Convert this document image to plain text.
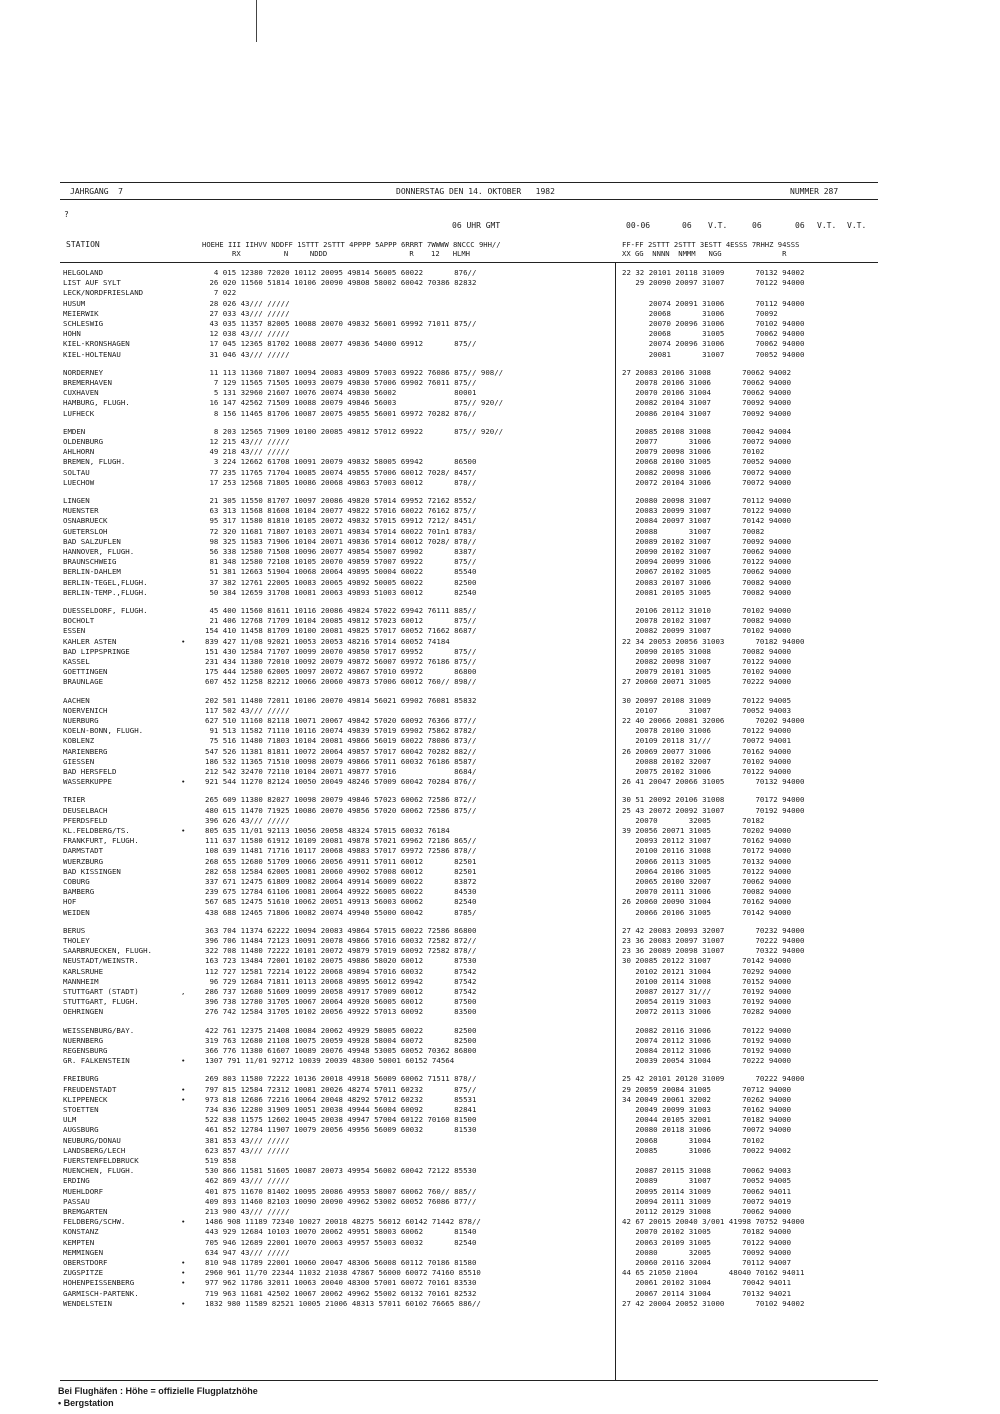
JAHRGANG  7	DONNERSTAG DEN 14. OKTOBER   1982	NUMMER 287
?
06 UHR GMT	00-06	06 V.T.	06	06 V.T. V.T.
STATION	HOEHE III IIHVV NDDFF 1STTT 2STTT 4PPPP 5APPP 6RRRT 7WWWW 8NCCC 9HH//
RX          N     NDDD                   R    12   HLMH
FF-FF 2STTT 2STTT 3ESTT 4ESSS 7RHHZ 94SSS
XX GG  NNNN  NMMM   NGG              R
HELGOLAND	4 015 12380 72020 10112 20095 49814 56005 60022       876//	22 32 20101 20118 31009       70132 94002
LIST AUF SYLT	26 020 11560 51814 10106 20090 49808 58002 60042 70386 82832	29 20090 20097 31007       70122 94000
LECK/NORDFRIESLAND	7 022
HUSUM	28 026 43/// /////	20074 20091 31006       70112 94000
MEIERWIK	27 033 43/// /////	20068       31006       70092
SCHLESWIG	43 035 11357 82005 10088 20070 49832 56001 69992 71011 875//	20070 20096 31006       70102 94000
HOHN	12 038 43/// /////	20068       31005       70062 94000
KIEL-KRONSHAGEN	17 045 12365 81702 10088 20077 49836 54000 69912       875//	20074 20096 31006       70062 94000
KIEL-HOLTENAU	31 046 43/// /////	20081       31007       70052 94000
NORDERNEY	11 113 11360 71807 10094 20083 49809 57003 69922 76086 875// 908//	27 20083 20106 31008       70062 94002
BREMERHAVEN	7 129 11565 71505 10093 20079 49830 57006 69902 76011 875//	20078 20106 31006       70062 94000
CUXHAVEN	5 131 32960 21607 10076 20074 49830 56002             80001	20070 20106 31004       70062 94000
HAMBURG, FLUGH.	16 147 42562 71509 10088 20079 49846 56003             875// 920//	20082 20104 31007       70092 94000
LUFHECK	8 156 11465 81706 10087 20075 49855 56001 69972 70282 876//	20086 20104 31007       70092 94000
EMDEN	8 203 12565 71909 10100 20085 49812 57012 69922       875// 920//	20085 20108 31008       70042 94004
OLDENBURG	12 215 43/// /////	20077       31006       70072 94000
AHLHORN	49 218 43/// /////	20079 20098 31006       70102
BREMEN, FLUGH.	3 224 12662 61708 10091 20079 49832 58005 69942       86500	20068 20100 31005       70052 94000
SOLTAU	77 235 11765 71704 10085 20074 49855 57006 60012 7028/ 8457/	20082 20098 31006       70072 94000
LUECHOW	17 253 12568 71805 10086 20068 49863 57003 60012       878//	20072 20104 31006       70072 94000
LINGEN	21 305 11550 81707 10097 20086 49820 57014 69952 72162 8552/	20080 20098 31007       70112 94000
MUENSTER	63 313 11568 81608 10104 20077 49822 57016 60022 76162 875//	20083 20099 31007       70122 94000
OSNABRUECK	95 317 11580 81810 10105 20072 49832 57015 69912 7212/ 8451/	20084 20097 31007       70142 94000
GUETERSLOH	72 320 11681 71807 10103 20071 49834 57014 60022 701n1 8783/	20088       31007       70082
BAD SALZUFLEN	98 325 11583 71906 10104 20071 49836 57014 60012 7028/ 878//	20089 20102 31007       70092 94000
HANNOVER, FLUGH.	56 338 12580 71508 10096 20077 49854 55007 69902       8387/	20090 20102 31007       70062 94000
BRAUNSCHWEIG	81 348 12580 72108 10105 20070 49859 57007 69922       875//	20094 20099 31006       70122 94000
BERLIN-DAHLEM	51 381 12663 51904 10068 20064 49895 50004 60022       85540	20067 20102 31005       70062 94000
BERLIN-TEGEL,FLUGH.	37 382 12761 22005 10083 20065 49892 50005 60022       82500	20083 20107 31006       70082 94000
BERLIN-TEMP.,FLUGH.	50 384 12659 31708 10081 20063 49893 51003 60012       82540	20081 20105 31005       70082 94000
DUESSELDORF, FLUGH.	45 400 11560 81611 10116 20086 49824 57022 69942 76111 885//	20106 20112 31010       70102 94000
BOCHOLT	21 406 12768 71709 10104 20085 49812 57023 60012       875//	20078 20102 31007       70082 94000
ESSEN	154 410 11458 81709 10100 20081 49825 57017 60052 71662 8687/	20082 20099 31007       70102 94000
KAHLER ASTEN	•	839 427 11/08 92021 10053 20053 48216 57014 60052 74184	22 34 20053 20056 31003       70182 94000
BAD LIPPSPRINGE	151 430 12584 71707 10099 20070 49850 57017 69952       875//	20090 20105 31008       70082 94000
KASSEL	231 434 11380 72010 10092 20079 49872 56007 69972 76186 875//	20082 20098 31007       70122 94000
GOETTINGEN	175 444 12580 62005 10097 20072 49867 57010 69972       86800	20079 20101 31005       70102 94000
BRAUNLAGE	607 452 11258 82212 10066 20060 49873 57006 60012 760// 898//	27 20060 20071 31005       70222 94000
AACHEN	202 501 11480 72011 10106 20070 49814 56021 69902 76081 85832	30 20097 20108 31009       70122 94005
NOERVENICH	117 502 43/// /////	20107       31007       70052 94003
NUERBURG	627 510 11160 82118 10071 20067 49842 57020 60092 76366 877//	22 40 20066 20081 32006       70202 94000
KOELN-BONN, FLUGH.	91 513 11582 71110 10116 20074 49839 57019 69902 75862 8782/	20078 20100 31006       70122 94000
KOBLENZ	75 516 11480 71803 10104 20081 49866 56019 60022 78086 873//	20109 20118 31///       70072 94001
MARIENBERG	547 526 11381 81811 10072 20064 49857 57017 60042 70282 882//	26 20069 20077 31006       70162 94000
GIESSEN	186 532 11365 71510 10098 20079 49866 57011 60032 76186 8587/	20088 20102 32007       70102 94000
BAD HERSFELD	212 542 32470 72110 10104 20071 49877 57016             8684/	20075 20102 31006       70122 94000
WASSERKUPPE	•	921 544 11270 82124 10050 20049 48246 57009 60042 70284 876//	26 41 20047 20066 31005       70132 94000
TRIER	265 609 11380 82027 10098 20079 49846 57023 60062 72586 872//	30 51 20092 20106 31008       70172 94000
DEUSELBACH	480 615 11470 71925 10086 20070 49856 57020 60062 72586 875//	25 43 20072 20092 31007       70192 94000
PFERDSFELD	396 626 43/// /////	20070       32005       70182
KL.FELDBERG/TS.	•	805 635 11/01 92113 10056 20058 48324 57015 60032 76184	39 20056 20071 31005       70202 94000
FRANKFURT, FLUGH.	111 637 11580 61912 10109 20081 49878 57021 69962 72186 865//	20093 20112 31007       70162 94000
DARMSTADT	108 639 11481 71716 10117 20068 49883 57017 69972 72586 878//	20100 20116 31008       70172 94000
WUERZBURG	268 655 12680 51709 10066 20056 49911 57011 60012       82501	20066 20113 31005       70132 94000
BAD KISSINGEN	282 658 12584 62005 10081 20060 49902 57008 60012       82501	20064 20106 31005       70122 94000
COBURG	337 671 12475 61809 10082 20064 49914 56009 60022       83872	20065 20100 32007       70062 94000
BAMBERG	239 675 12784 61106 10081 20064 49922 56005 60022       84530	20070 20111 31006       70082 94000
HOF	567 685 12475 51610 10062 20051 49913 56003 60062       82540	26 20060 20090 31004       70162 94000
WEIDEN	438 688 12465 71806 10082 20074 49940 55000 60042       8785/	20066 20106 31005       70142 94000
BERUS	363 704 11374 62222 10094 20083 49864 57015 60022 72586 86800	27 42 20083 20093 32007       70232 94000
THOLEY	396 706 11484 72123 10091 20078 49866 57016 60032 72582 872//	23 36 20083 20097 31007       70222 94000
SAARBRUECKEN, FLUGH.	322 708 11480 72222 10101 20072 49879 57019 60092 72582 878//	23 36 20089 20098 31007       70322 94000
NEUSTADT/WEINSTR.	163 723 13484 72001 10102 20075 49886 58020 60012       87530	30 20085 20122 31007       70142 94000
KARLSRUHE	112 727 12581 72214 10122 20068 49894 57016 60032       87542	20102 20121 31004       70292 94000
MANNHEIM	96 729 12684 71811 10113 20068 49895 56012 69942       87542	20100 20114 31008       70152 94000
STUTTGART (STADT)	,	286 737 12680 51609 10099 20058 49917 57009 60012       87542	20087 20127 31///       70192 94000
STUTTGART, FLUGH.	396 738 12780 31705 10067 20064 49920 56005 60012       87500	20054 20119 31003       70192 94000
OEHRINGEN	276 742 12584 31705 10102 20056 49922 57013 60092       83500	20072 20113 31006       70282 94000
WEISSENBURG/BAY.	422 761 12375 21408 10084 20062 49929 58005 60022       82500	20082 20116 31006       70122 94000
NUERNBERG	319 763 12680 21108 10075 20059 49928 58004 60072       82500	20074 20112 31006       70192 94000
REGENSBURG	366 776 11380 61607 10089 20076 49948 53005 60052 70362 86800	20084 20112 31006       70192 94000
GR. FALKENSTEIN	•	1307 791 11/01 92712 10039 20039 48300 50001 60152 74564	20039 20054 31004       70222 94000
FREIBURG	269 803 11580 72222 10136 20018 49918 56009 60062 71511 878//	25 42 20101 20120 31009       70222 94000
FREUDENSTADT	•	797 815 12584 72312 10081 20026 48274 57011 60232       875//	29 20059 20084 31005       70712 94000
KLIPPENECK	•	973 818 12686 72216 10064 20048 48292 57012 60232       85531	34 20049 20061 32002       70262 94000
STOETTEN	734 836 12280 31909 10051 20038 49944 56004 60092       82841	20049 20099 31003       70162 94000
ULM	522 838 11575 12602 10045 20038 49947 57004 60122 70160 81500	20044 20105 32001       70182 94000
AUGSBURG	461 852 12784 11907 10079 20056 49956 56009 60032       81530	20080 20118 31006       70072 94000
NEUBURG/DONAU	381 853 43/// /////	20068       31004       70102
LANDSBERG/LECH	623 857 43/// /////	20085       31006       70022 94002
FUERSTENFELDBRUCK	519 858
MUENCHEN, FLUGH.	530 866 11581 51605 10087 20073 49954 56002 60042 72122 85530	20087 20115 31008       70062 94003
ERDING	462 869 43/// /////	20089       31007       70052 94005
MUEHLDORF	401 875 11670 81402 10095 20086 49953 58007 60062 760// 885//	20095 20114 31009       70062 94011
PASSAU	409 893 11460 82103 10090 20090 49962 53002 60052 76086 877//	20094 20111 31009       70072 94019
BREMGARTEN	213 900 43/// /////	20112 20129 31008       70062 94000
FELDBERG/SCHW.	•	1486 908 11189 72340 10027 20018 48275 56012 60142 71442 878//	42 67 20015 20040 3/001 41998 70752 94000
KONSTANZ	443 929 12684 10103 10070 20062 49951 58003 60062       81540	20070 20102 31005       70182 94000
KEMPTEN	705 946 12689 22001 10070 20063 49957 55003 60032       82540	20063 20109 31005       70122 94000
MEMMINGEN	634 947 43/// /////	20080       32005       70092 94000
OBERSTDORF	•	810 948 11789 22001 10060 20047 48306 56008 60112 70186 81580	20060 20116 32004       70112 94007
ZUGSPITZE	•	2960 961 11/70 22344 11032 21038 47867 56000 60072 74160 85510	44 65 21050 21004       48040 70162 94011
HOHENPEISSENBERG	•	977 962 11786 32011 10063 20040 48300 57001 60072 70161 83530	20061 20102 31004       70042 94011
GARMISCH-PARTENK.	719 963 11681 42502 10067 20062 49962 55002 60132 70161 82532	20067 20114 31004       70132 94021
WENDELSTEIN	•	1832 980 11589 82521 10005 21006 48313 57011 60102 76665 886//	27 42 20004 20052 31000       70102 94002
Bei Flughäfen : Höhe = offizielle Flugplatzhöhe
• Bergstation
